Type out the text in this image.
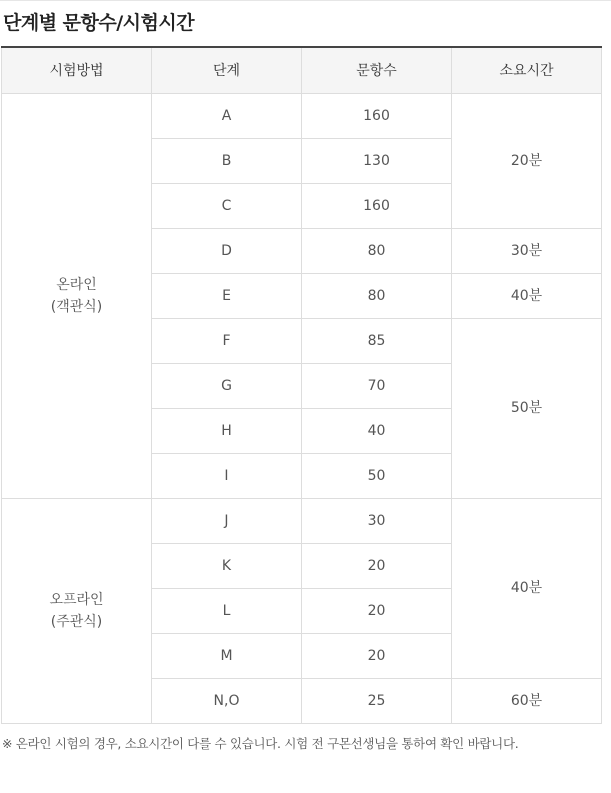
단계별 문항수/시험시간
시험방법	단계	문항수	소요시간
온라인
(객관식)	A	160	20분
	B	130	
	C	160	
	D	80	30분
	E	80	40분
	F	85	50분
	G	70	
	H	40	
	I	50	
오프라인
(주관식)	J	30	40분
	K	20	
	L	20	
	M	20	
	N,O	25	60분
※ 온라인 시험의 경우, 소요시간이 다를 수 있습니다. 시험 전 구몬선생님을 통하여 확인 바랍니다.
